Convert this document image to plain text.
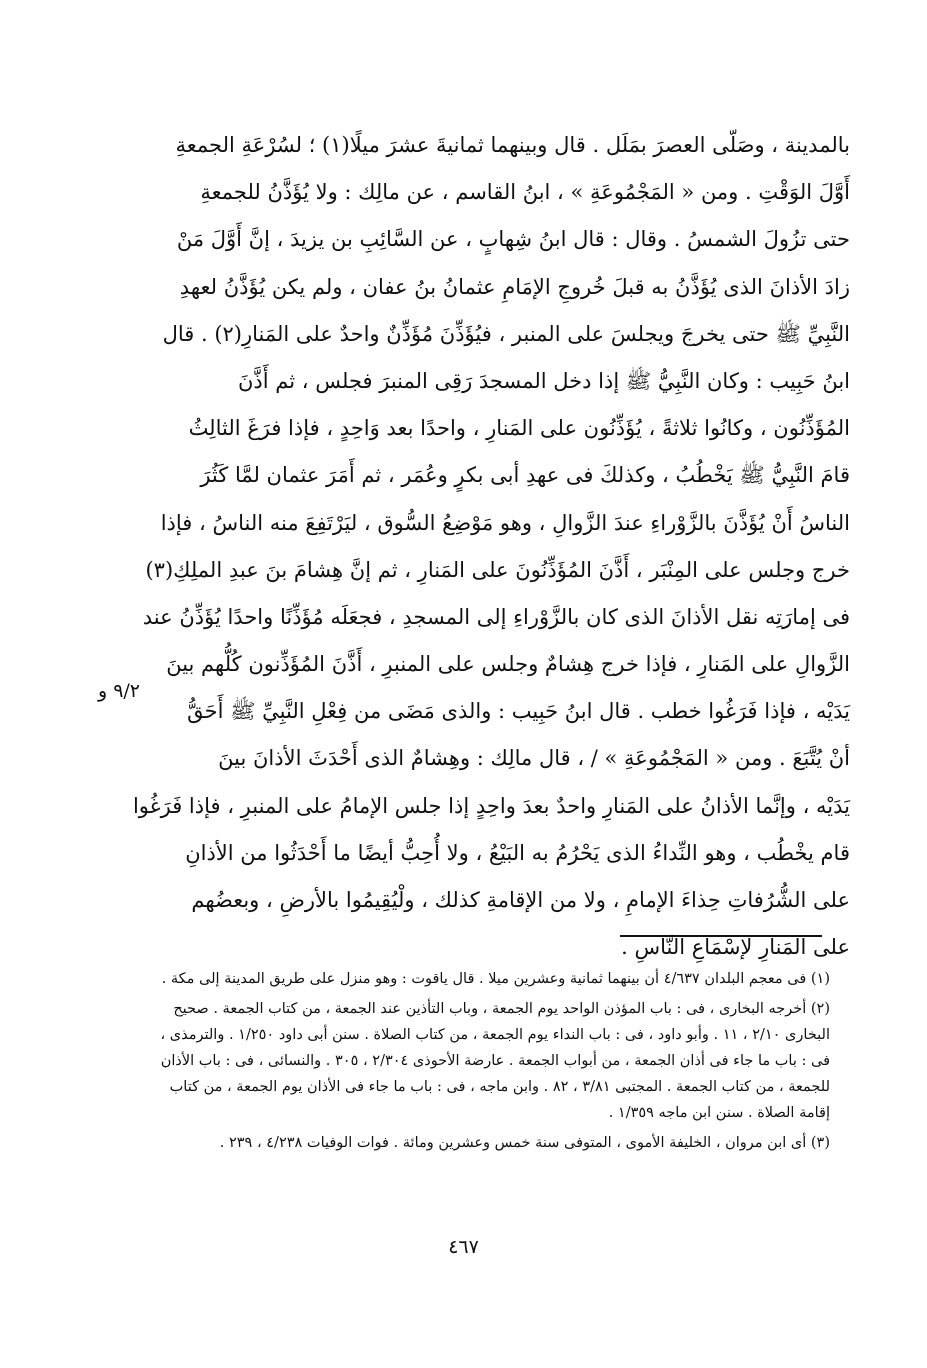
بالمدينة ، وصَلّى العصرَ بمَلَل . قال وبينهما ثمانيةَ عشرَ ميلًا(١) ؛ لسُرْعَةِ الجمعةِ
أَوَّلَ الوَقْتِ . ومن « المَجْمُوعَةِ » ، ابنُ القاسم ، عن مالِك : ولا يُؤَذَّنُ للجمعةِ
حتى تزُولَ الشمسُ . وقال : قال ابنُ شِهابٍ ، عن السَّائِبِ بن يزيدَ ، إنَّ أَوَّلَ مَنْ
زادَ الأذانَ الذى يُؤَذَّنُ به قبلَ خُروجِ الإمَامِ عثمانُ بنُ عفان ، ولم يكن يُؤَذَّنُ لعهدِ
النَّبِيِّ ﷺ حتى يخرجَ ويجلسَ على المنبر ، فيُؤَذِّنَ مُؤَذِّنٌ واحدٌ على المَنارِ(٢) . قال
ابنُ حَبِيب : وكان النَّبِيُّ ﷺ إذا دخل المسجدَ رَقِى المنبرَ فجلس ، ثم أَذَّنَ
المُؤَذِّنُون ، وكانُوا ثلاثةً ، يُؤَذِّنُون على المَنارِ ، واحدًا بعد وَاحِدٍ ، فإذا فرَغَ الثالِثُ
قامَ النَّبِيُّ ﷺ يَخْطُبُ ، وكذلكَ فى عهدِ أبى بكرٍ وعُمَر ، ثم أَمَرَ عثمان لمَّا كَثُرَ
الناسُ أَنْ يُؤَذَّنَ بالزَّوْراءِ عندَ الزَّوالِ ، وهو مَوْضِعُ السُّوق ، ليَرْتَفِعَ منه الناسُ ، فإذا
خرج وجلس على المِنْبَر ، أَذَّنَ المُؤَذِّنُونَ على المَنارِ ، ثم إنَّ هِشامَ بنَ عبدِ الملِكِ(٣)
فى إمارَتِه نقل الأذانَ الذى كان بالزَّوْراءِ إلى المسجدِ ، فجعَلَه مُؤَذِّنًا واحدًا يُؤَذِّنُ عند
الزَّوالِ على المَنارِ ، فإذا خرج هِشامٌ وجلس على المنبرِ ، أَذَّنَ المُؤَذِّنون كُلُّهم بينَ
يَدَيْه ، فإذا فَرَغُوا خطب . قال ابنُ حَبِيب : والذى مَضَى من فِعْلِ النَّبِيِّ ﷺ أَحَقُّ
أنْ يُتَّبَعَ . ومن « المَجْمُوعَةِ » / ، قال مالِك : وهِشامٌ الذى أَحْدَثَ الأذانَ بينَ
يَدَيْه ، وإنَّما الأذانُ على المَنارِ واحدٌ بعدَ واحِدٍ إذا جلس الإمامُ على المنبرِ ، فإذا فَرَغُوا
قام يخْطُب ، وهو النِّداءُ الذى يَحْرُمُ به البَيْعُ ، ولا أُحِبُّ أيضًا ما أَحْدَثُوا من الأذانِ
على الشُّرُفاتِ حِذاءَ الإمامِ ، ولا من الإقامةِ كذلك ، ولْيُقِيمُوا بالأرضِ ، وبعضُهم
على المَنارِ لإسْمَاعِ النَّاسِ .
٩/٢ و

(١) فى معجم البلدان ٤/٦٣٧ أن بينهما ثمانية وعشرين ميلا . قال ياقوت : وهو منزل على طريق المدينة إلى مكة .

(٢) أخرجه البخارى ، فى : باب المؤذن الواحد يوم الجمعة ، وباب التأذين عند الجمعة ، من كتاب الجمعة . صحيح البخارى ٢/١٠ ، ١١ . وأبو داود ، فى : باب النداء يوم الجمعة ، من كتاب الصلاة . سنن أبى داود ١/٢٥٠ . والترمذى ، فى : باب ما جاء فى أذان الجمعة ، من أبواب الجمعة . عارضة الأحوذى ٢/٣٠٤ ، ٣٠٥ . والنسائى ، فى : باب الأذان للجمعة ، من كتاب الجمعة . المجتبى ٣/٨١ ، ٨٢ . وابن ماجه ، فى : باب ما جاء فى الأذان يوم الجمعة ، من كتاب إقامة الصلاة . سنن ابن ماجه ١/٣٥٩ .

(٣) أى ابن مروان ، الخليفة الأموى ، المتوفى سنة خمس وعشرين ومائة . فوات الوفيات ٤/٢٣٨ ، ٢٣٩ .

٤٦٧
